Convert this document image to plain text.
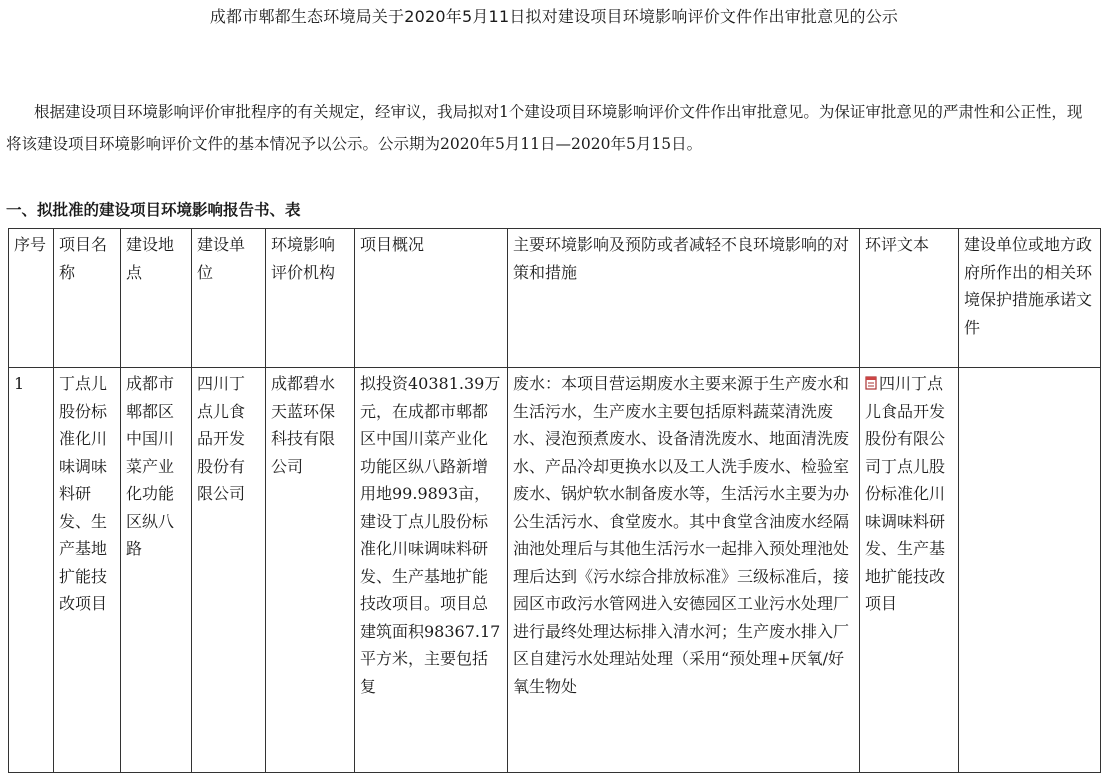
成都市郫都生态环境局关于2020年5月11日拟对建设项目环境影响评价文件作出审批意见的公示
根据建设项目环境影响评价审批程序的有关规定，经审议，我局拟对1个建设项目环境影响评价文件作出审批意见。为保证审批意见的严肃性和公正性，现将该建设项目环境影响评价文件的基本情况予以公示。公示期为2020年5月11日—2020年5月15日。
一、拟批准的建设项目环境影响报告书、表
序号	项目名称	建设地点	建设单位	环境影响评价机构	项目概况	主要环境影响及预防或者减轻不良环境影响的对策和措施	环评文本	建设单位或地方政府所作出的相关环境保护措施承诺文件
1	丁点儿股份标准化川味调味料研发、生产基地扩能技改项目	成都市郫都区中国川菜产业化功能区纵八路	四川丁点儿食品开发股份有限公司	成都碧水天蓝环保科技有限公司	拟投资40381.39万元，在成都市郫都区中国川菜产业化功能区纵八路新增用地99.9893亩，建设丁点儿股份标准化川味调味料研发、生产基地扩能技改项目。项目总建筑面积98367.17平方米，主要包括复	废水：本项目营运期废水主要来源于生产废水和生活污水，生产废水主要包括原料蔬菜清洗废水、浸泡预煮废水、设备清洗废水、地面清洗废水、产品冷却更换水以及工人洗手废水、检验室废水、锅炉软水制备废水等，生活污水主要为办公生活污水、食堂废水。其中食堂含油废水经隔油池处理后与其他生活污水一起排入预处理池处理后达到《污水综合排放标准》三级标准后，接园区市政污水管网进入安德园区工业污水处理厂进行最终处理达标排入清水河；生产废水排入厂区自建污水处理站处理（采用“预处理+厌氧/好氧生物处	四川丁点儿食品开发股份有限公司丁点儿股份标准化川味调味料研发、生产基地扩能技改项目	
